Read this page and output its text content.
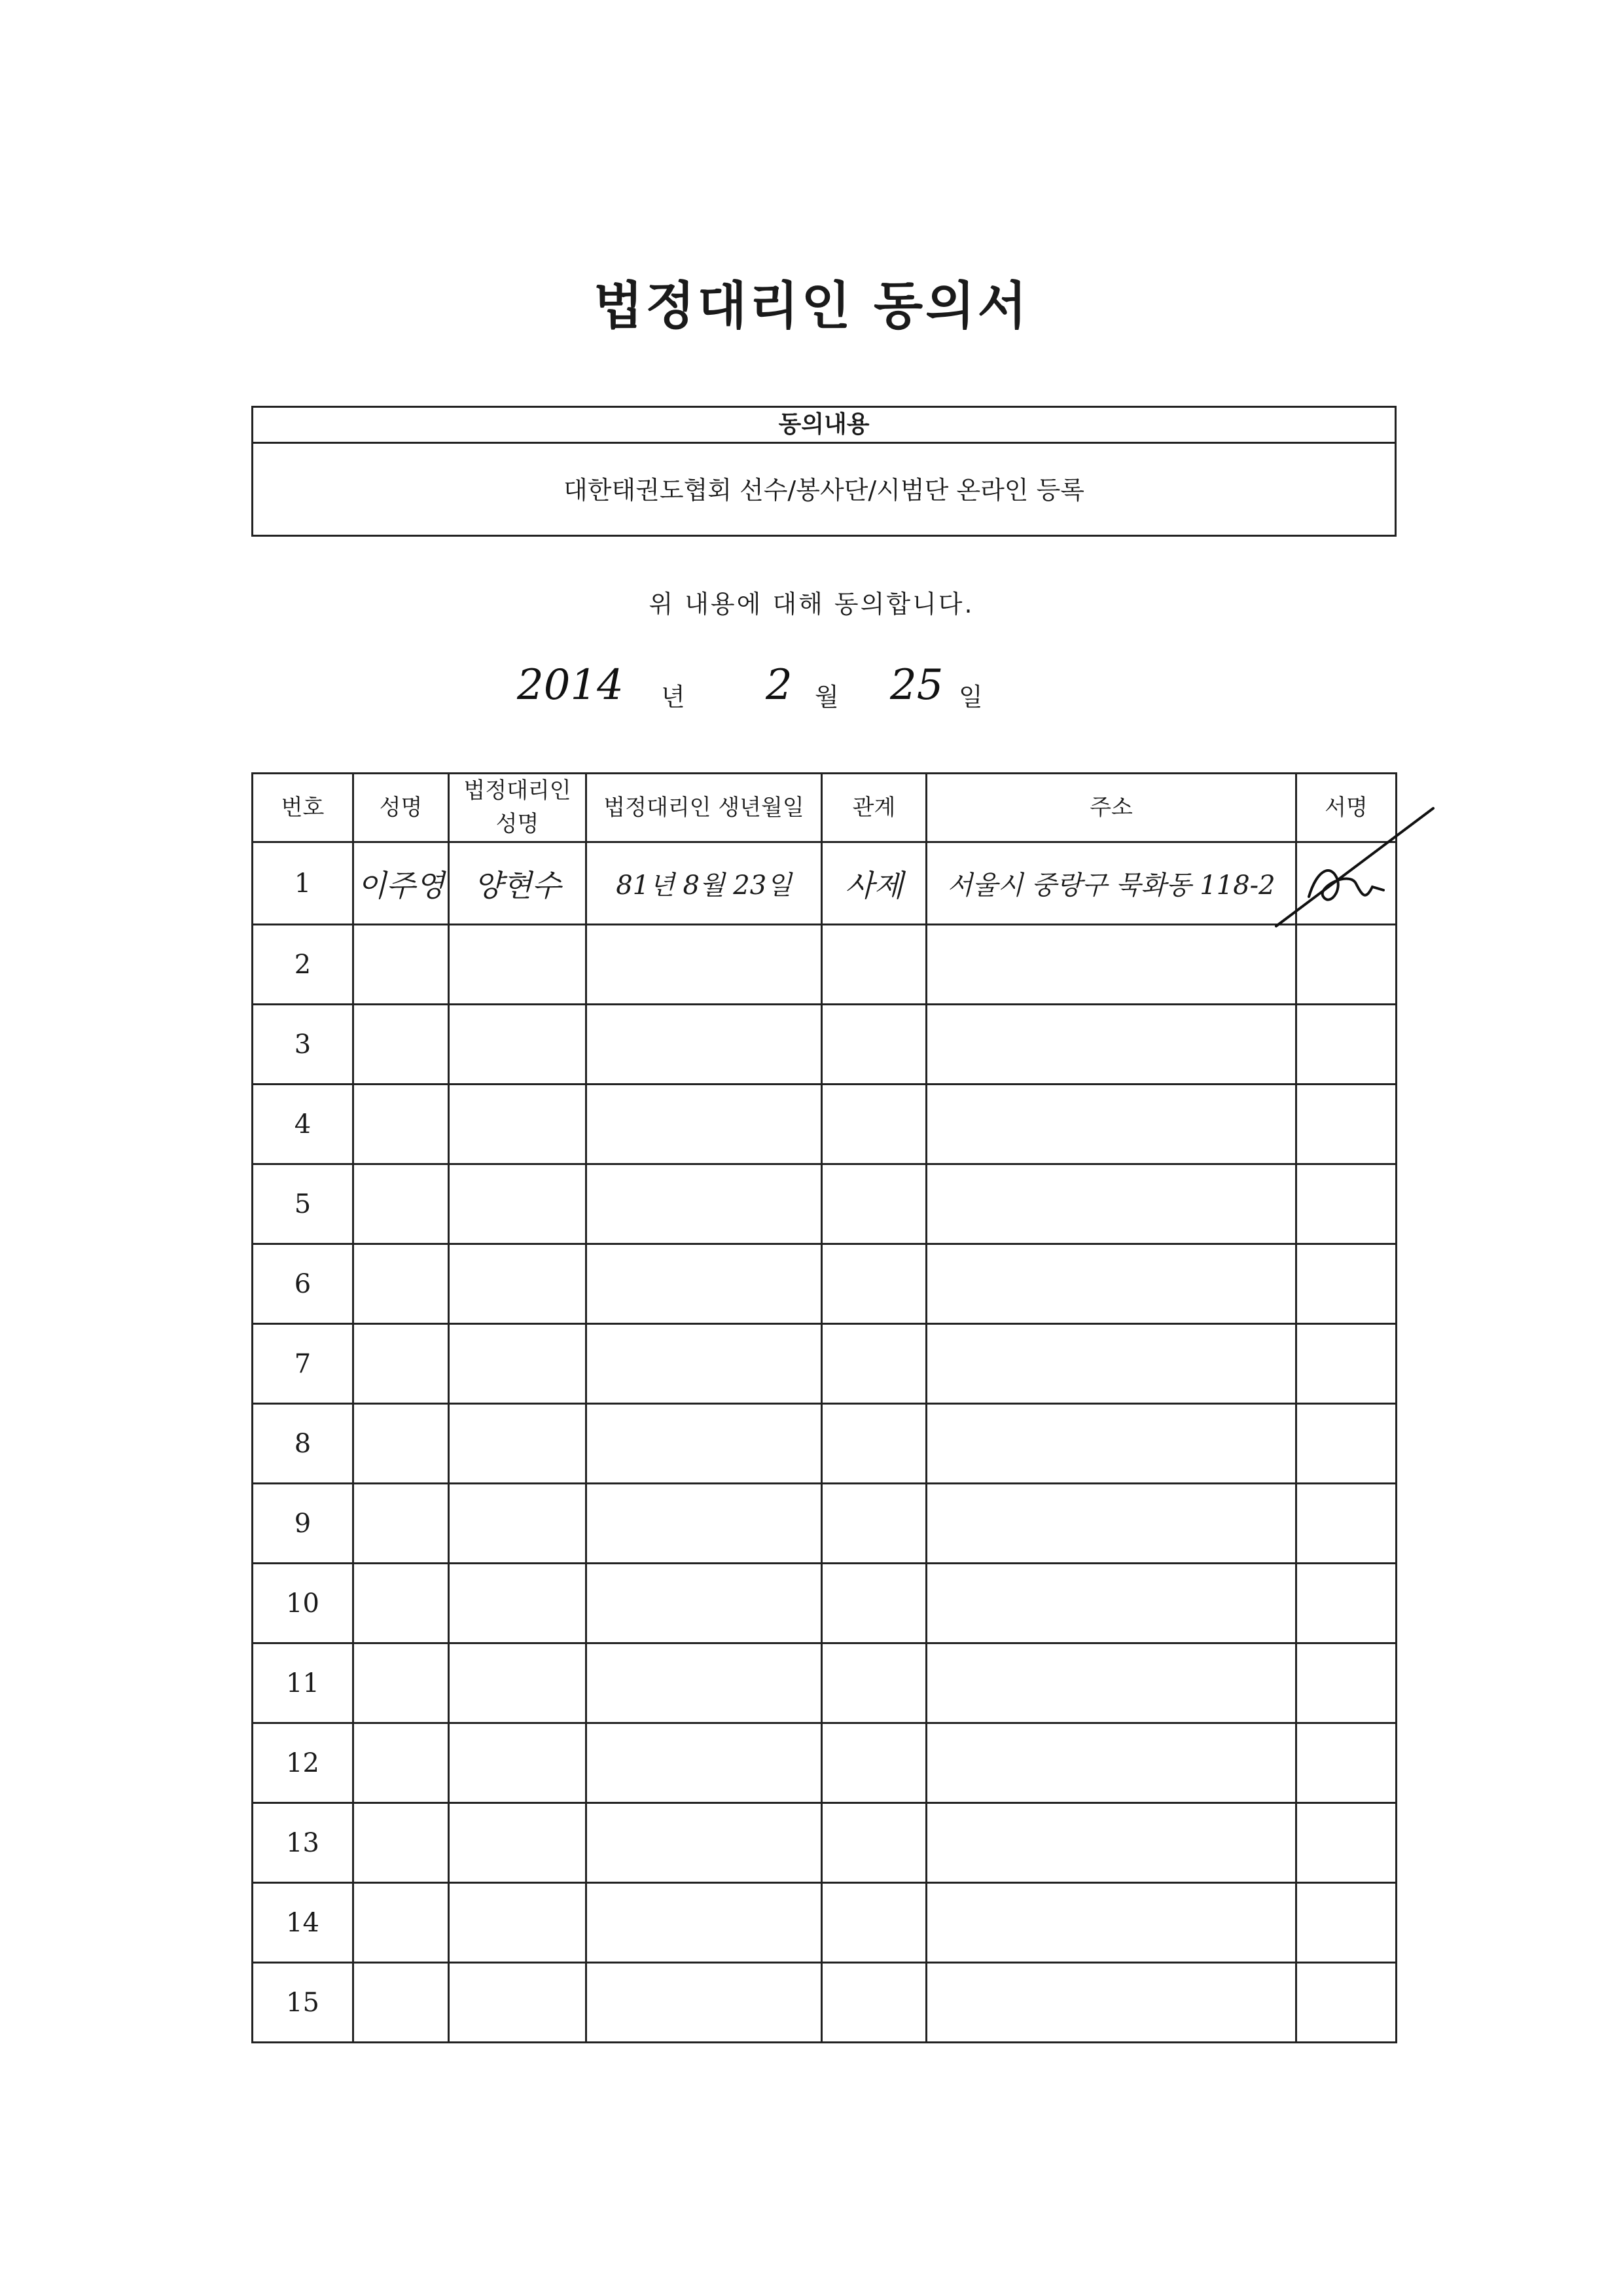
법정대리인 동의서
동의내용
대한태권도협회 선수/봉사단/시범단 온라인 등록
위 내용에 대해 동의합니다.
2014 년 2 월 25 일
번호	성명	법정대리인 성명	법정대리인 생년월일	관계	주소	서명
1	이주영	양현수	81년 8월 23일	사제	서울시 중랑구 묵화동 118-2	

2						
3						
4						
5						
6						
7						
8						
9						
10						
11						
12						
13						
14						
15						
